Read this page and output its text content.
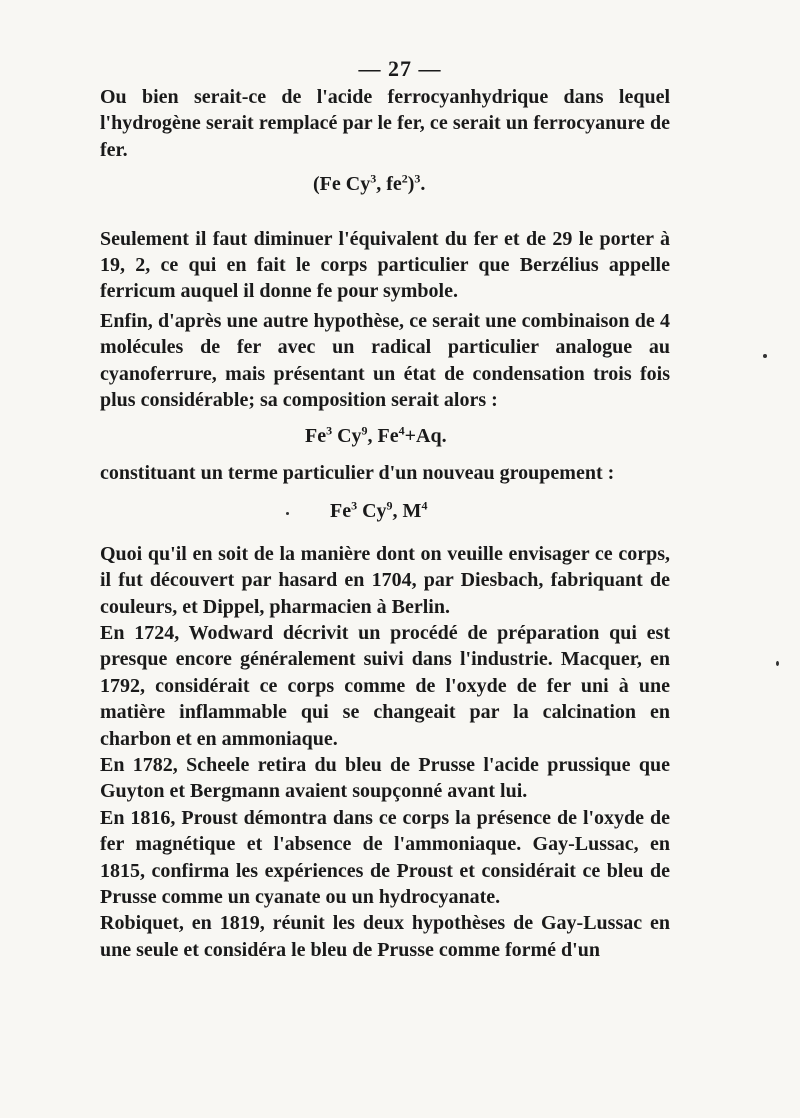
— 27 —

Ou bien serait-ce de l'acide ferrocyanhydrique dans lequel l'hydrogène serait remplacé par le fer, ce serait un ferrocyanure de fer.

(Fe Cy$^3$, $fe^2)^3$.

Seulement il faut diminuer l'équivalent du fer et de 29 le porter à 19, 2, ce qui en fait le corps particulier que Berzélius appelle ferricum auquel il donne fe pour symbole.

Enfin, d'après une autre hypothèse, ce serait une combinaison de 4 molécules de fer avec un radical particulier analogue au cyanoferrure, mais présentant un état de condensation trois fois plus considérable; sa composition serait alors :

Fe$^3$ Cy$^9$, $Fe^4+Aq$.

constituant un terme particulier d'un nouveau groupement :

Fe$^3$ Cy$^9$, $M^4$

Quoi qu'il en soit de la manière dont on veuille envisager ce corps, il fut découvert par hasard en 1704, par Diesbach, fabriquant de couleurs, et Dippel, pharmacien à Berlin.

En 1724, Wodward décrivit un procédé de préparation qui est presque encore généralement suivi dans l'industrie. Macquer, en 1792, considérait ce corps comme de l'oxyde de fer uni à une matière inflammable qui se changeait par la calcination en charbon et en ammoniaque.

En 1782, Scheele retira du bleu de Prusse l'acide prussique que Guyton et Bergmann avaient soupçonné avant lui.

En 1816, Proust démontra dans ce corps la présence de l'oxyde de fer magnétique et l'absence de l'ammoniaque. Gay-Lussac, en 1815, confirma les expériences de Proust et considérait ce bleu de Prusse comme un cyanate ou un hydrocyanate.

Robiquet, en 1819, réunit les deux hypothèses de Gay-Lussac en une seule et considéra le bleu de Prusse comme formé d'un
